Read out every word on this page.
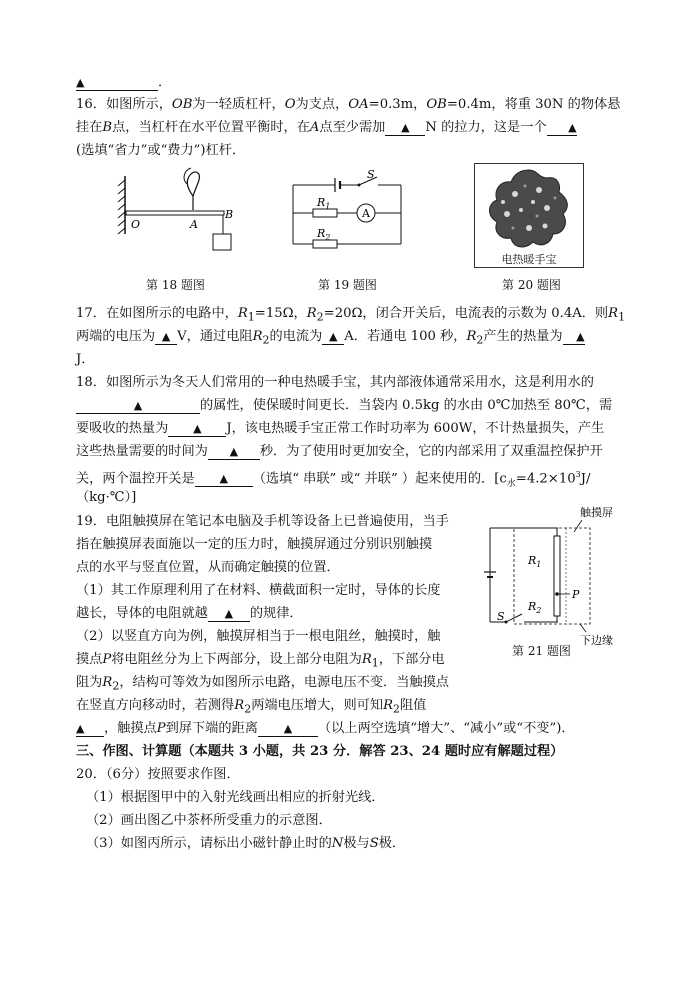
▲	．
16．如图所示，OB为一轻质杠杆，O为支点，OA=0.3m，OB=0.4m，将重 30N 的物体悬
挂在B点，当杠杆在水平位置平衡时，在A点至少需加 ▲ N 的拉力，这是一个 ▲
(选填“省力”或“费力”)杠杆．
O	A
B
第 18 题图
S
A
$R_1$
$R_2$
第 19 题图
电热暖手宝
第 20 题图
17．在如图所示的电路中，$R_1=15\Omega$，$R_2=20\Omega$，闭合开关后，电流表的示数为 0.4A．则$R_1$
两端的电压为 ▲ V，通过电阻$R_2$的电流为 ▲ A．若通电 100 秒，$R_2$产生的热量为 ▲
J．
18．如图所示为冬天人们常用的一种电热暖手宝，其内部液体通常采用水，这是利用水的
▲	的属性，使保暖时间更长．当袋内 0.5kg 的水由 0℃加热至 80℃，需
要吸收的热量为 ▲ J，该电热暖手宝正常工作时功率为 600W，不计热量损失，产生
这些热量需要的时间为 ▲ 秒．为了使用时更加安全，它的内部采用了双重温控保护开
关，两个温控开关是 ▲ （选填“ 串联” 或“ 并联” ）起来使用的．[$c_水=4.2\times 10^3J/$
（kg·℃）]
19．电阻触摸屏在笔记本电脑及手机等设备上已普遍使用，当手
指在触摸屏表面施以一定的压力时，触摸屏通过分别识别触摸
点的水平与竖直位置，从而确定触摸的位置．
（1）其工作原理利用了在材料、横截面积一定时，导体的长度
越长，导体的电阻就越 ▲ 的规律．
（2）以竖直方向为例，触摸屏相当于一根电阻丝，触摸时，触
摸点P将电阻丝分为上下两部分，设上部分电阻为$R_1$，下部分电
阻为$R_2$，结构可等效为如图所示电路，电源电压不变．当触摸点
在竖直方向移动时，若测得$R_2$两端电压增大，则可知$R_2$阻值
▲ ，触摸点P到屏下端的距离 ▲ （以上两空选填“增大”、“减小”或“不变”)．
触摸屏
S
P
$R_1$
$R_2$
下边缘
第 21 题图
三、作图、计算题（本题共 3 小题，共 23 分．解答 23、24 题时应有解题过程）
20．（6分）按照要求作图．
（1）根据图甲中的入射光线画出相应的折射光线．
（2）画出图乙中茶杯所受重力的示意图．
（3）如图丙所示，请标出小磁针静止时的N极与S极．
